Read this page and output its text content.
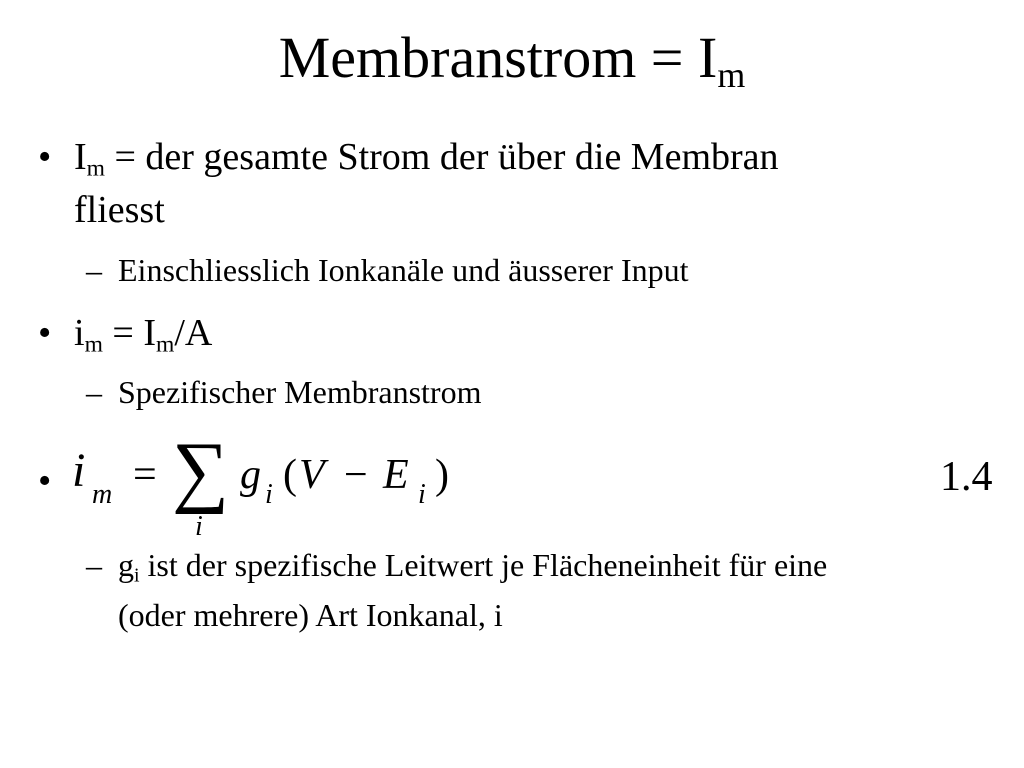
Membranstrom = $I_m$
• $I_m$ = der gesamte Strom der über die Membran
fliesst
– Einschliesslich Ionkanäle und äusserer Input
• $i_m = I_m/A$
– Spezifischer Membranstrom
• i m = ∑
i
g i ( V − E i )	1.4
– $g_i$ ist der spezifische Leitwert je Flächeneinheit für eine
(oder mehrere) Art Ionkanal, i
